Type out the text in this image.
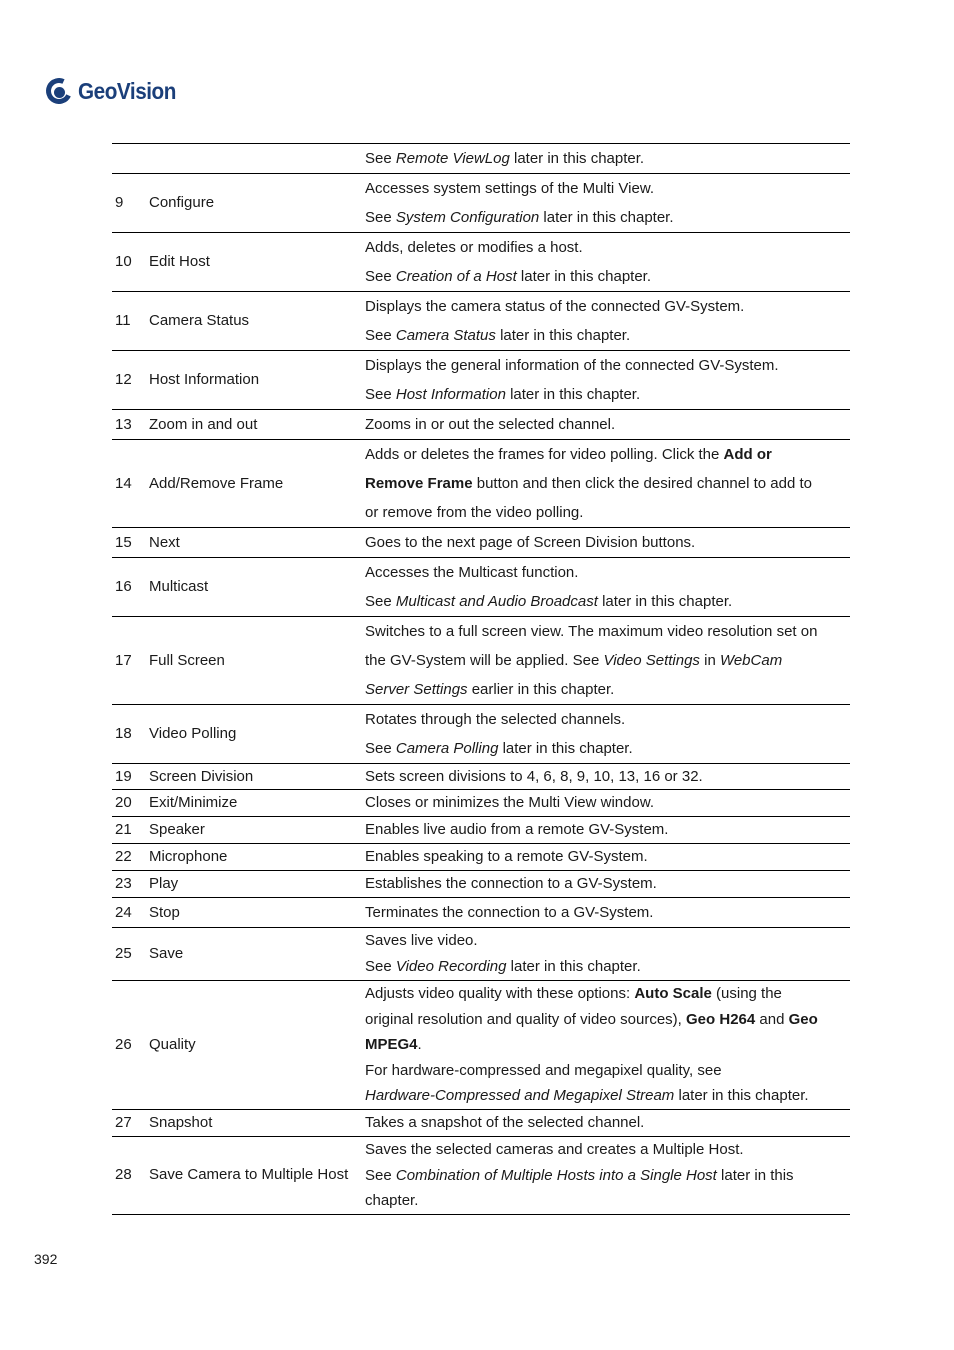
GeoVision

		See Remote ViewLog later in this chapter.

9	Configure	Accesses system settings of the Multi View.

See System Configuration later in this chapter.

10	Edit Host	Adds, deletes or modifies a host.

See Creation of a Host later in this chapter.

11	Camera Status	Displays the camera status of the connected GV-System.

See Camera Status later in this chapter.

12	Host Information	Displays the general information of the connected GV-System.

See Host Information later in this chapter.

13	Zoom in and out	Zooms in or out the selected channel.

14	Add/Remove Frame	Adds or deletes the frames for video polling. Click the Add or

Remove Frame button and then click the desired channel to add to

or remove from the video polling.

15	Next	Goes to the next page of Screen Division buttons.

16	Multicast	Accesses the Multicast function.

See Multicast and Audio Broadcast later in this chapter.

17	Full Screen	Switches to a full screen view. The maximum video resolution set on

the GV-System will be applied. See Video Settings in WebCam

Server Settings earlier in this chapter.

18	Video Polling	Rotates through the selected channels.

See Camera Polling later in this chapter.

19	Screen Division	Sets screen divisions to 4, 6, 8, 9, 10, 13, 16 or 32.

20	Exit/Minimize	Closes or minimizes the Multi View window.

21	Speaker	Enables live audio from a remote GV-System.

22	Microphone	Enables speaking to a remote GV-System.

23	Play	Establishes the connection to a GV-System.

24	Stop	Terminates the connection to a GV-System.

25	Save	Saves live video.

See Video Recording later in this chapter.

26	Quality	Adjusts video quality with these options: Auto Scale (using the

original resolution and quality of video sources), Geo H264 and Geo

MPEG4.

For hardware-compressed and megapixel quality, see

Hardware-Compressed and Megapixel Stream later in this chapter.

27	Snapshot	Takes a snapshot of the selected channel.

28	Save Camera to Multiple Host	Saves the selected cameras and creates a Multiple Host.

See Combination of Multiple Hosts into a Single Host later in this

chapter.

392
